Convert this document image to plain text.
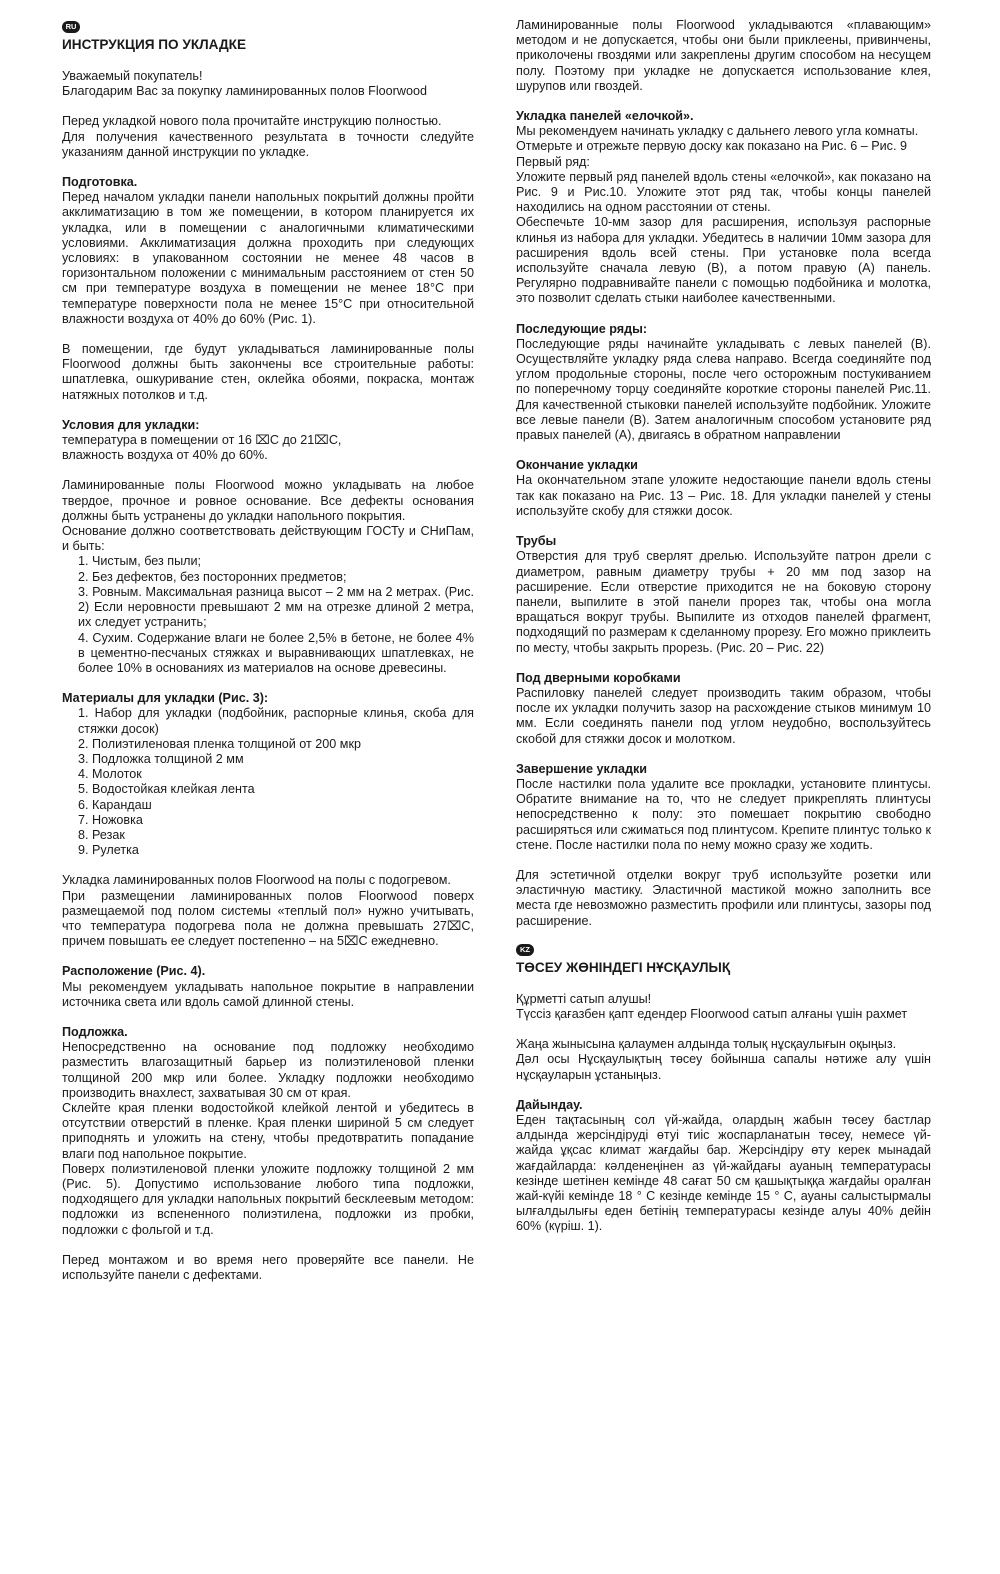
RU
ИНСТРУКЦИЯ ПО УКЛАДКЕ

Уважаемый покупатель!

Благодарим Вас за покупку ламинированных полов Floorwood

Перед укладкой нового пола прочитайте инструкцию полностью.

Для получения качественного результата в точности следуйте указаниям данной инструкции по укладке.

Подготовка.

Перед началом укладки панели напольных покрытий должны пройти акклиматизацию в том же помещении, в котором планируется их укладка, или в помещении с аналогичными климатическими условиями. Акклиматизация должна проходить при следующих условиях: в упакованном состоянии не менее 48 часов в горизонтальном положении с минимальным расстоянием от стен 50 см при температуре воздуха в помещении не менее 18°С при температуре поверхности пола не менее 15°С при относительной влажности воздуха от 40% до 60% (Рис. 1).

В помещении, где будут укладываться ламинированные полы Floorwood должны быть закончены все строительные работы: шпатлевка, ошкуривание стен, оклейка обоями, покраска, монтаж натяжных потолков и т.д.

Условия для укладки:

температура в помещении от 16 ⌧С до 21⌧С,

влажность воздуха от 40% до 60%.

Ламинированные полы Floorwood можно укладывать на любое твердое, прочное и ровное основание. Все дефекты основания должны быть устранены до укладки напольного покрытия.

Основание должно соответствовать действующим ГОСТу и СНиПам, и быть:

1. Чистым, без пыли;
2. Без дефектов, без посторонних предметов;
3. Ровным. Максимальная разница высот – 2 мм на 2 метрах. (Рис. 2) Если неровности превышают 2 мм на отрезке длиной 2 метра, их следует устранить;
4. Сухим. Содержание влаги не более 2,5% в бетоне, не более 4% в цементно-песчаных стяжках и выравнивающих шпатлевках, не более 10% в основаниях из материалов на основе древесины.

Материалы для укладки (Рис. 3):

1. Набор для укладки (подбойник, распорные клинья, скоба для стяжки досок)
2. Полиэтиленовая пленка толщиной от 200 мкр
3. Подложка толщиной 2 мм
4. Молоток
5. Водостойкая клейкая лента
6. Карандаш
7. Ножовка
8. Резак
9. Рулетка

Укладка ламинированных полов Floorwood на полы с подогревом.

При размещении ламинированных полов Floorwood поверх размещаемой под полом системы «теплый пол» нужно учитывать, что температура подогрева пола не должна превышать 27⌧С, причем повышать ее следует постепенно – на 5⌧С ежедневно.

Расположение (Рис. 4).

Мы рекомендуем укладывать напольное покрытие в направлении источника света или вдоль самой длинной стены.

Подложка.

Непосредственно на основание под подложку необходимо разместить влагозащитный барьер из полиэтиленовой пленки толщиной 200 мкр или более. Укладку подложки необходимо производить внахлест, захватывая 30 см от края.

Склейте края пленки водостойкой клейкой лентой и убедитесь в отсутствии отверстий в пленке. Края пленки шириной 5 см следует приподнять и уложить на стену, чтобы предотвратить попадание влаги под напольное покрытие.

Поверх полиэтиленовой пленки уложите подложку толщиной 2 мм (Рис. 5). Допустимо использование любого типа подложки, подходящего для укладки напольных покрытий бесклеевым методом: подложки из вспененного полиэтилена, подложки из пробки, подложки с фольгой и т.д.

Перед монтажом и во время него проверяйте все панели. Не используйте панели с дефектами.

Ламинированные полы Floorwood укладываются «плавающим» методом и не допускается, чтобы они были приклеены, привинчены, приколочены гвоздями или закреплены другим способом на несущем полу. Поэтому при укладке не допускается использование клея, шурупов или гвоздей.

Укладка панелей «елочкой».

Мы рекомендуем начинать укладку с дальнего левого угла комнаты.

Отмерьте и отрежьте первую доску как показано на Рис. 6 – Рис. 9

Первый ряд:

Уложите первый ряд панелей вдоль стены «елочкой», как показано на Рис. 9 и Рис.10. Уложите этот ряд так, чтобы концы панелей находились на одном расстоянии от стены.

Обеспечьте 10-мм зазор для расширения, используя распорные клинья из набора для укладки. Убедитесь в наличии 10мм зазора для расширения вдоль всей стены. При установке пола всегда используйте сначала левую (В), а потом правую (А) панель. Регулярно подравнивайте панели с помощью подбойника и молотка, это позволит сделать стыки наиболее качественными.

Последующие ряды:

Последующие ряды начинайте укладывать с левых панелей (В). Осуществляйте укладку ряда слева направо. Всегда соединяйте под углом продольные стороны, после чего осторожным постукиванием по поперечному торцу соединяйте короткие стороны панелей Рис.11. Для качественной стыковки панелей используйте подбойник. Уложите все левые панели (В). Затем аналогичным способом установите ряд правых панелей (А), двигаясь в обратном направлении

Окончание укладки

На окончательном этапе уложите недостающие панели вдоль стены так как показано на Рис. 13 – Рис. 18. Для укладки панелей у стены используйте скобу для стяжки досок.

Трубы

Отверстия для труб сверлят дрелью. Используйте патрон дрели с диаметром, равным диаметру трубы + 20 мм под зазор на расширение. Если отверстие приходится не на боковую сторону панели, выпилите в этой панели прорез так, чтобы она могла вращаться вокруг трубы. Выпилите из отходов панелей фрагмент, подходящий по размерам к сделанному прорезу. Его можно приклеить по месту, чтобы закрыть прорезь. (Рис. 20 – Рис. 22)

Под дверными коробками

Распиловку панелей следует производить таким образом, чтобы после их укладки получить зазор на расхождение стыков минимум 10 мм. Если соединять панели под углом неудобно, воспользуйтесь скобой для стяжки досок и молотком.

Завершение укладки

После настилки пола удалите все прокладки, установите плинтусы. Обратите внимание на то, что не следует прикреплять плинтусы непосредственно к полу: это помешает покрытию свободно расширяться или сжиматься под плинтусом. Крепите плинтус только к стене. После настилки пола по нему можно сразу же ходить.

Для эстетичной отделки вокруг труб используйте розетки или эластичную мастику. Эластичной мастикой можно заполнить все места где невозможно разместить профили или плинтусы, зазоры под расширение.

KZ
ТӨСЕУ ЖӨНІНДЕГІ НҰСҚАУЛЫҚ

Құрметті сатып алушы!

Түссіз қағазбен қапт едендер Floorwood сатып алғаны үшін рахмет

Жаңа жынысына қалаумен алдында толық нұсқаулығын оқыңыз.

Дәл осы Нұсқаулықтың төсеу бойынша сапалы нәтиже алу үшін нұсқауларын ұстаныңыз.

Дайындау.

Еден тақтасының сол үй-жайда, олардың жабын төсеу бастлар алдында жерсіндіруді өтуі тиіс жоспарланатын төсеу, немесе үй-жайда ұқсас климат жағдайы бар. Жерсіндіру өту керек мынадай жағдайларда: кәлденеңінен аз үй-жайдағы ауаның температурасы кезінде шетінен кемінде 48 сағат 50 см қашықтыққа жағдайы оралған жай-күйі кемінде 18 ° С кезінде кемінде 15 ° С, ауаны салыстырмалы ылғалдылығы еден бетінің температурасы кезінде алуы 40% дейін 60% (күріш. 1).
